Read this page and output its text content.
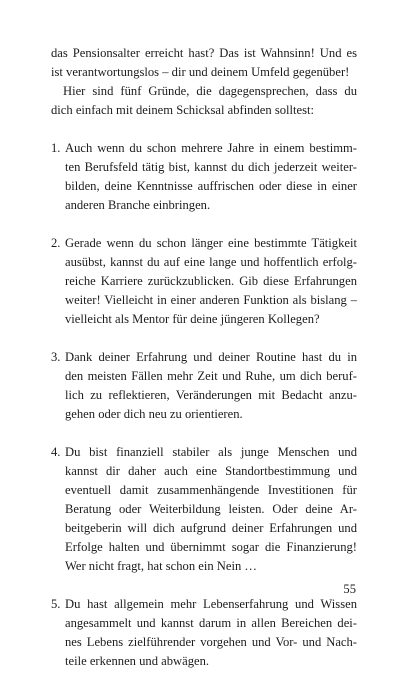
das Pensionsalter erreicht hast? Das ist Wahnsinn! Und es
ist verantwortungslos – dir und deinem Umfeld gegenüber!
Hier sind fünf Gründe, die dagegensprechen, dass du
dich einfach mit deinem Schicksal abfinden solltest:
1. Auch wenn du schon mehrere Jahre in einem bestimm-
ten Berufsfeld tätig bist, kannst du dich jederzeit weiter-
bilden, deine Kenntnisse auffrischen oder diese in einer
anderen Branche einbringen.
2. Gerade wenn du schon länger eine bestimmte Tätigkeit
ausübst, kannst du auf eine lange und hoffentlich erfolg-
reiche Karriere zurückzublicken. Gib diese Erfahrungen
weiter! Vielleicht in einer anderen Funktion als bislang –
vielleicht als Mentor für deine jüngeren Kollegen?
3. Dank deiner Erfahrung und deiner Routine hast du in
den meisten Fällen mehr Zeit und Ruhe, um dich beruf-
lich zu reflektieren, Veränderungen mit Bedacht anzu-
gehen oder dich neu zu orientieren.
4. Du bist finanziell stabiler als junge Menschen und
kannst dir daher auch eine Standortbestimmung und
eventuell damit zusammenhängende Investitionen für
Beratung oder Weiterbildung leisten. Oder deine Ar-
beitgeberin will dich aufgrund deiner Erfahrungen und
Erfolge halten und übernimmt sogar die Finanzierung!
Wer nicht fragt, hat schon ein Nein …
5. Du hast allgemein mehr Lebenserfahrung und Wissen
angesammelt und kannst darum in allen Bereichen dei-
nes Lebens zielführender vorgehen und Vor- und Nach-
teile erkennen und abwägen.
55
